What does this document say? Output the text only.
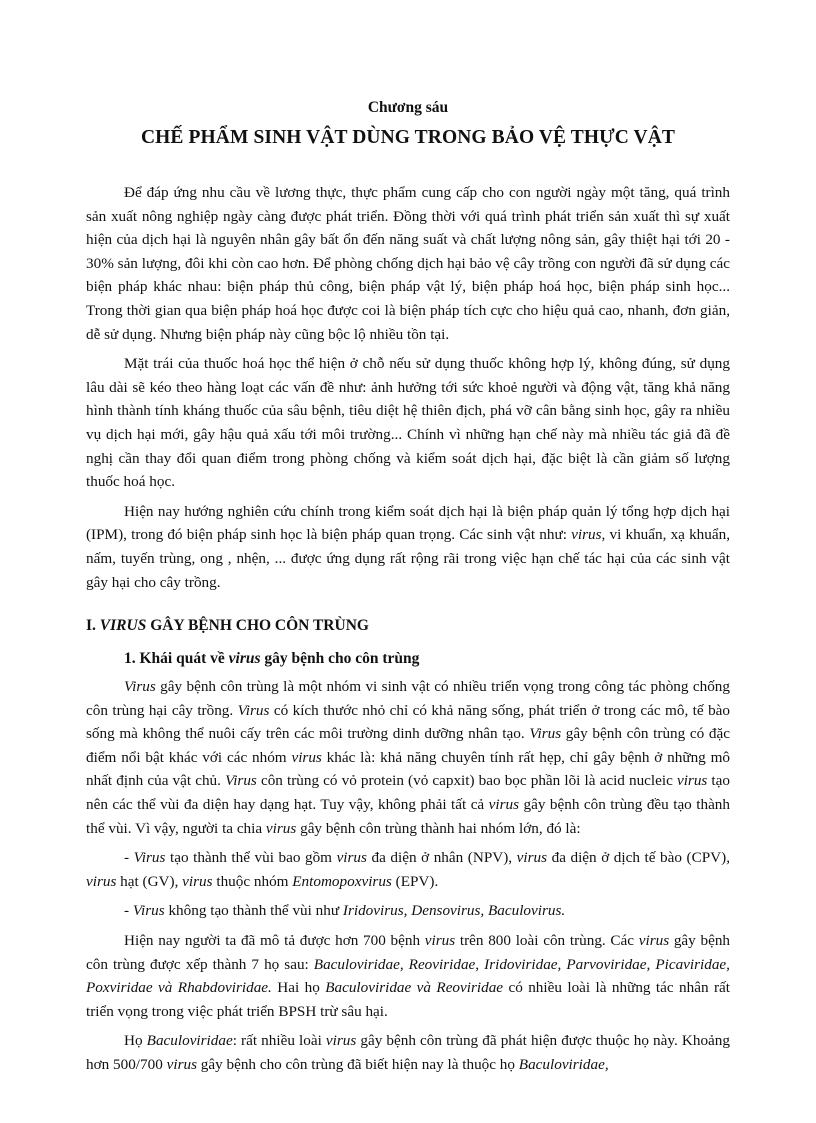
Chương sáu
CHẾ PHẨM SINH VẬT DÙNG TRONG BẢO VỆ THỰC VẬT

Để đáp ứng nhu cầu về lương thực, thực phẩm cung cấp cho con người ngày một tăng, quá trình sản xuất nông nghiệp ngày càng được phát triển. Đồng thời với quá trình phát triển sản xuất thì sự xuất hiện của dịch hại là nguyên nhân gây bất ổn đến năng suất và chất lượng nông sản, gây thiệt hại tới 20 - 30% sản lượng, đôi khi còn cao hơn. Để phòng chống dịch hại bảo vệ cây trồng con người đã sử dụng các biện pháp khác nhau: biện pháp thủ công, biện pháp vật lý, biện pháp hoá học, biện pháp sinh học... Trong thời gian qua biện pháp hoá học được coi là biện pháp tích cực cho hiệu quả cao, nhanh, đơn giản, dễ sử dụng. Nhưng biện pháp này cũng bộc lộ nhiều tồn tại.

Mặt trái của thuốc hoá học thể hiện ở chỗ nếu sử dụng thuốc không hợp lý, không đúng, sử dụng lâu dài sẽ kéo theo hàng loạt các vấn đề như: ảnh hưởng tới sức khoẻ người và động vật, tăng khả năng hình thành tính kháng thuốc của sâu bệnh, tiêu diệt hệ thiên địch, phá vỡ cân bằng sinh học, gây ra nhiều vụ dịch hại mới, gây hậu quả xấu tới môi trường... Chính vì những hạn chế này mà nhiều tác giả đã đề nghị cần thay đổi quan điểm trong phòng chống và kiểm soát dịch hại, đặc biệt là cần giảm số lượng thuốc hoá học.

Hiện nay hướng nghiên cứu chính trong kiểm soát dịch hại là biện pháp quản lý tổng hợp dịch hại (IPM), trong đó biện pháp sinh học là biện pháp quan trọng. Các sinh vật như: virus, vi khuẩn, xạ khuẩn, nấm, tuyến trùng, ong , nhện, ... được ứng dụng rất rộng rãi trong việc hạn chế tác hại của các sinh vật gây hại cho cây trồng.

I. VIRUS GÂY BỆNH CHO CÔN TRÙNG
1. Khái quát về virus gây bệnh cho côn trùng

Virus gây bệnh côn trùng là một nhóm vi sinh vật có nhiều triển vọng trong công tác phòng chống côn trùng hại cây trồng. Virus có kích thước nhỏ chỉ có khả năng sống, phát triển ở trong các mô, tế bào sống mà không thể nuôi cấy trên các môi trường dinh dưỡng nhân tạo. Virus gây bệnh côn trùng có đặc điểm nổi bật khác với các nhóm virus khác là: khả năng chuyên tính rất hẹp, chỉ gây bệnh ở những mô nhất định của vật chủ. Virus côn trùng có vỏ protein (vỏ capxit) bao bọc phần lõi là acid nucleic virus tạo nên các thể vùi đa diện hay dạng hạt. Tuy vậy, không phải tất cả virus gây bệnh côn trùng đều tạo thành thể vùi. Vì vậy, người ta chia virus gây bệnh côn trùng thành hai nhóm lớn, đó là:

- Virus tạo thành thể vùi bao gồm virus đa diện ở nhân (NPV), virus đa diện ở dịch tế bào (CPV), virus hạt (GV), virus thuộc nhóm Entomopoxvirus (EPV).

- Virus không tạo thành thể vùi như Iridovirus, Densovirus, Baculovirus.

Hiện nay người ta đã mô tả được hơn 700 bệnh virus trên 800 loài côn trùng. Các virus gây bệnh côn trùng được xếp thành 7 họ sau: Baculoviridae, Reoviridae, Iridoviridae, Parvoviridae, Picaviridae, Poxviridae và Rhabdoviridae. Hai họ Baculoviridae và Reoviridae có nhiều loài là những tác nhân rất triển vọng trong việc phát triển BPSH trừ sâu hại.

Họ Baculoviridae: rất nhiều loài virus gây bệnh côn trùng đã phát hiện được thuộc họ này. Khoảng hơn 500/700 virus gây bệnh cho côn trùng đã biết hiện nay là thuộc họ Baculoviridae,
